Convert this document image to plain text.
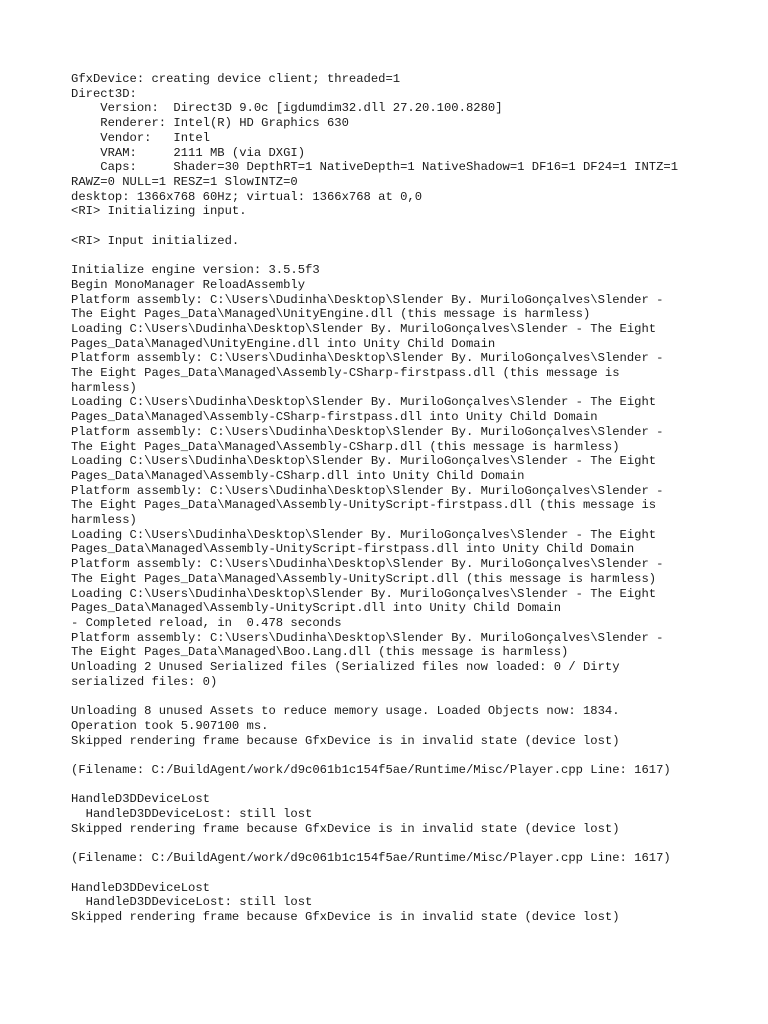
GfxDevice: creating device client; threaded=1
Direct3D:
Version:  Direct3D 9.0c [igdumdim32.dll 27.20.100.8280]
Renderer: Intel(R) HD Graphics 630
Vendor:   Intel
VRAM:     2111 MB (via DXGI)
Caps:     Shader=30 DepthRT=1 NativeDepth=1 NativeShadow=1 DF16=1 DF24=1 INTZ=1
RAWZ=0 NULL=1 RESZ=1 SlowINTZ=0
desktop: 1366x768 60Hz; virtual: 1366x768 at 0,0
<RI> Initializing input.
<RI> Input initialized.
Initialize engine version: 3.5.5f3
Begin MonoManager ReloadAssembly
Platform assembly: C:\Users\Dudinha\Desktop\Slender By. MuriloGonçalves\Slender -
The Eight Pages_Data\Managed\UnityEngine.dll (this message is harmless)
Loading C:\Users\Dudinha\Desktop\Slender By. MuriloGonçalves\Slender - The Eight
Pages_Data\Managed\UnityEngine.dll into Unity Child Domain
Platform assembly: C:\Users\Dudinha\Desktop\Slender By. MuriloGonçalves\Slender -
The Eight Pages_Data\Managed\Assembly-CSharp-firstpass.dll (this message is
harmless)
Loading C:\Users\Dudinha\Desktop\Slender By. MuriloGonçalves\Slender - The Eight
Pages_Data\Managed\Assembly-CSharp-firstpass.dll into Unity Child Domain
Platform assembly: C:\Users\Dudinha\Desktop\Slender By. MuriloGonçalves\Slender -
The Eight Pages_Data\Managed\Assembly-CSharp.dll (this message is harmless)
Loading C:\Users\Dudinha\Desktop\Slender By. MuriloGonçalves\Slender - The Eight
Pages_Data\Managed\Assembly-CSharp.dll into Unity Child Domain
Platform assembly: C:\Users\Dudinha\Desktop\Slender By. MuriloGonçalves\Slender -
The Eight Pages_Data\Managed\Assembly-UnityScript-firstpass.dll (this message is
harmless)
Loading C:\Users\Dudinha\Desktop\Slender By. MuriloGonçalves\Slender - The Eight
Pages_Data\Managed\Assembly-UnityScript-firstpass.dll into Unity Child Domain
Platform assembly: C:\Users\Dudinha\Desktop\Slender By. MuriloGonçalves\Slender -
The Eight Pages_Data\Managed\Assembly-UnityScript.dll (this message is harmless)
Loading C:\Users\Dudinha\Desktop\Slender By. MuriloGonçalves\Slender - The Eight
Pages_Data\Managed\Assembly-UnityScript.dll into Unity Child Domain
- Completed reload, in  0.478 seconds
Platform assembly: C:\Users\Dudinha\Desktop\Slender By. MuriloGonçalves\Slender -
The Eight Pages_Data\Managed\Boo.Lang.dll (this message is harmless)
Unloading 2 Unused Serialized files (Serialized files now loaded: 0 / Dirty
serialized files: 0)
Unloading 8 unused Assets to reduce memory usage. Loaded Objects now: 1834.
Operation took 5.907100 ms.
Skipped rendering frame because GfxDevice is in invalid state (device lost)
(Filename: C:/BuildAgent/work/d9c061b1c154f5ae/Runtime/Misc/Player.cpp Line: 1617)
HandleD3DDeviceLost
HandleD3DDeviceLost: still lost
Skipped rendering frame because GfxDevice is in invalid state (device lost)
(Filename: C:/BuildAgent/work/d9c061b1c154f5ae/Runtime/Misc/Player.cpp Line: 1617)
HandleD3DDeviceLost
HandleD3DDeviceLost: still lost
Skipped rendering frame because GfxDevice is in invalid state (device lost)
